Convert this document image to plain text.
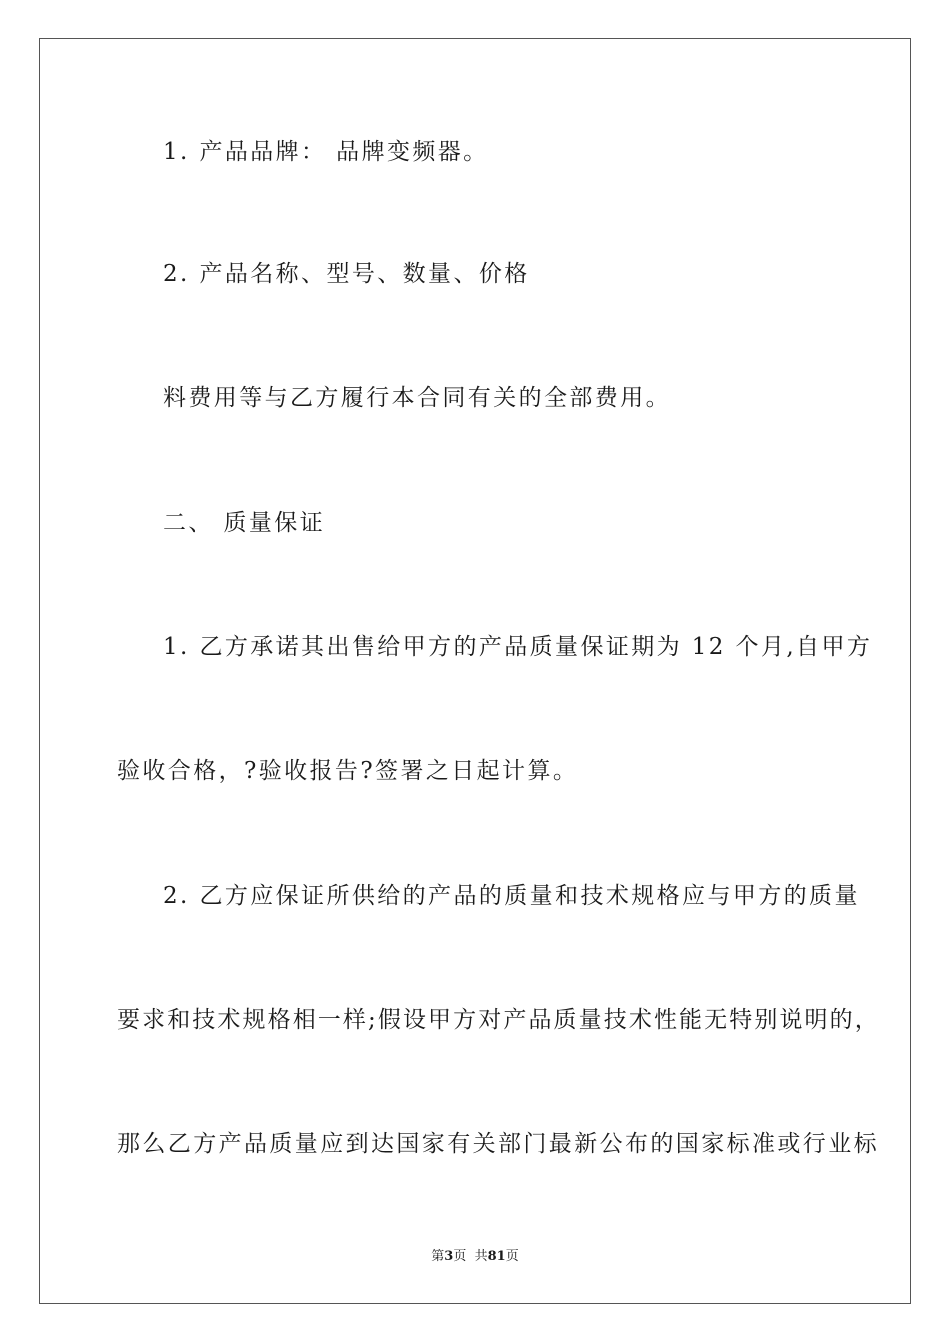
1. 产品品牌： 品牌变频器。
2. 产品名称、型号、数量、价格
料费用等与乙方履行本合同有关的全部费用。
二、 质量保证
1. 乙方承诺其出售给甲方的产品质量保证期为 12 个月,自甲方
验收合格，?验收报告?签署之日起计算。
2. 乙方应保证所供给的产品的质量和技术规格应与甲方的质量
要求和技术规格相一样;假设甲方对产品质量技术性能无特别说明的，
那么乙方产品质量应到达国家有关部门最新公布的国家标准或行业标
第3页  共81页
